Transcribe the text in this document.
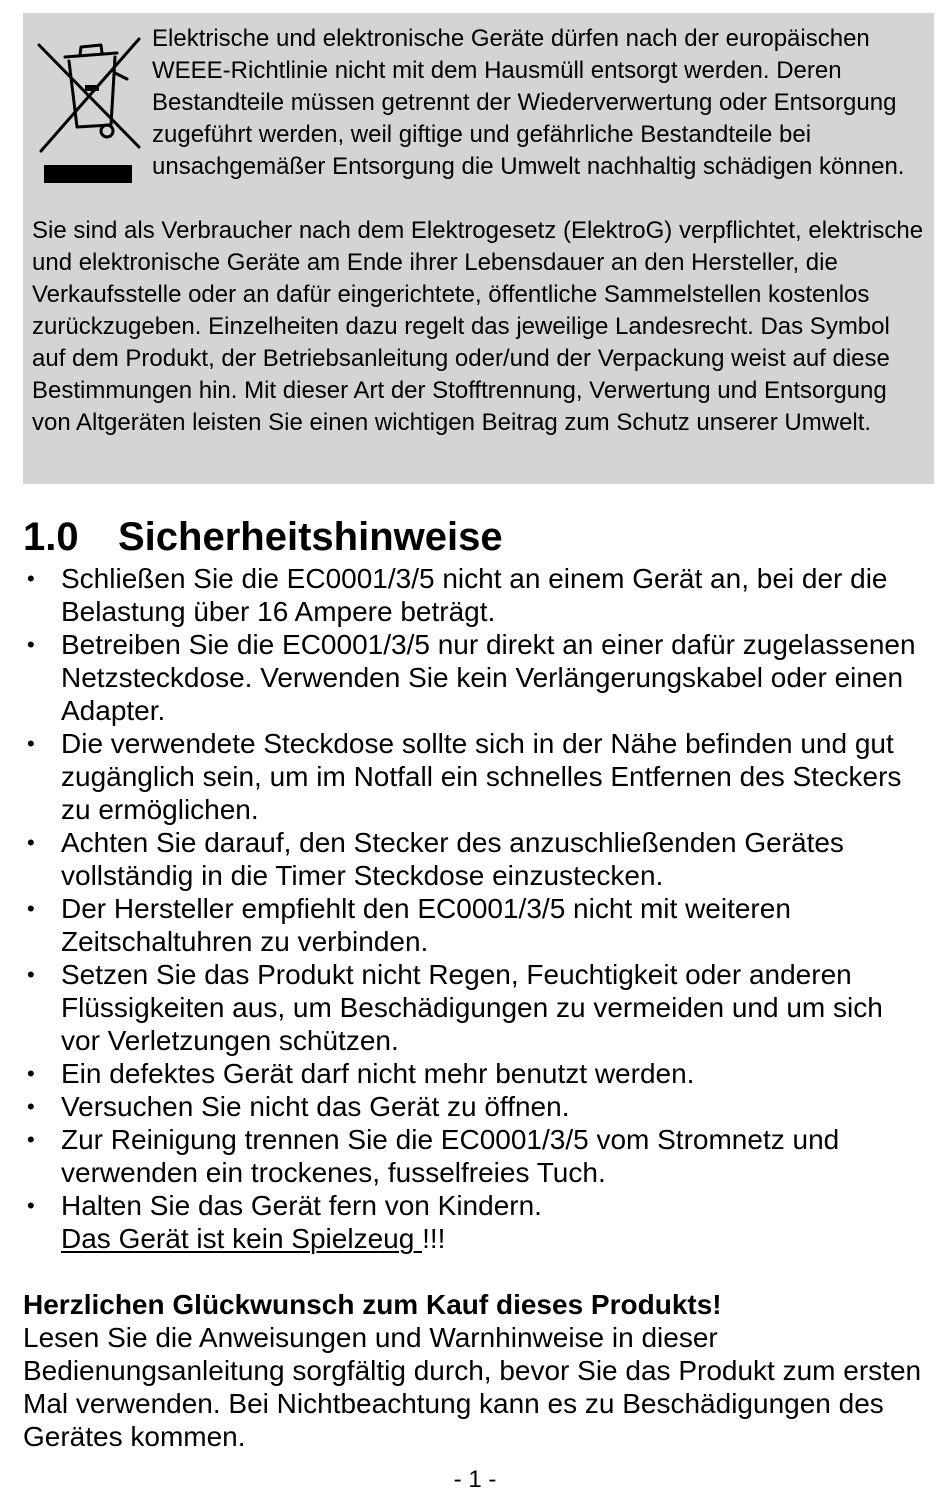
Elektrische und elektronische Geräte dürfen nach der europäischen WEEE-Richtlinie nicht mit dem Hausmüll entsorgt werden. Deren Bestandteile müssen getrennt der Wiederverwertung oder Entsorgung zugeführt werden, weil giftige und gefährliche Bestandteile bei unsachgemäßer Entsorgung die Umwelt nachhaltig schädigen können.

Sie sind als Verbraucher nach dem Elektrogesetz (ElektroG) verpflichtet, elektrische und elektronische Geräte am Ende ihrer Lebensdauer an den Hersteller, die Verkaufsstelle oder an dafür eingerichtete, öffentliche Sammelstellen kostenlos zurückzugeben. Einzelheiten dazu regelt das jeweilige Landesrecht. Das Symbol auf dem Produkt, der Betriebsanleitung oder/und der Verpackung weist auf diese Bestimmungen hin. Mit dieser Art der Stofftrennung, Verwertung und Entsorgung von Altgeräten leisten Sie einen wichtigen Beitrag zum Schutz unserer Umwelt.

1.0 Sicherheitshinweise
• Schließen Sie die EC0001/3/5 nicht an einem Gerät an, bei der die Belastung über 16 Ampere beträgt.
• Betreiben Sie die EC0001/3/5 nur direkt an einer dafür zugelassenen Netzsteckdose. Verwenden Sie kein Verlängerungskabel oder einen Adapter.
• Die verwendete Steckdose sollte sich in der Nähe befinden und gut zugänglich sein, um im Notfall ein schnelles Entfernen des Steckers zu ermöglichen.
• Achten Sie darauf, den Stecker des anzuschließenden Gerätes vollständig in die Timer Steckdose einzustecken.
• Der Hersteller empfiehlt den EC0001/3/5 nicht mit weiteren Zeitschaltuhren zu verbinden.
• Setzen Sie das Produkt nicht Regen, Feuchtigkeit oder anderen Flüssigkeiten aus, um Beschädigungen zu vermeiden und um sich vor Verletzungen schützen.
• Ein defektes Gerät darf nicht mehr benutzt werden.
• Versuchen Sie nicht das Gerät zu öffnen.
• Zur Reinigung trennen Sie die EC0001/3/5 vom Stromnetz und verwenden ein trockenes, fusselfreies Tuch.
• Halten Sie das Gerät fern von Kindern.
Das Gerät ist kein Spielzeug !!!

Herzlichen Glückwunsch zum Kauf dieses Produkts!
Lesen Sie die Anweisungen und Warnhinweise in dieser Bedienungsanleitung sorgfältig durch, bevor Sie das Produkt zum ersten Mal verwenden. Bei Nichtbeachtung kann es zu Beschädigungen des Gerätes kommen.

- 1 -
